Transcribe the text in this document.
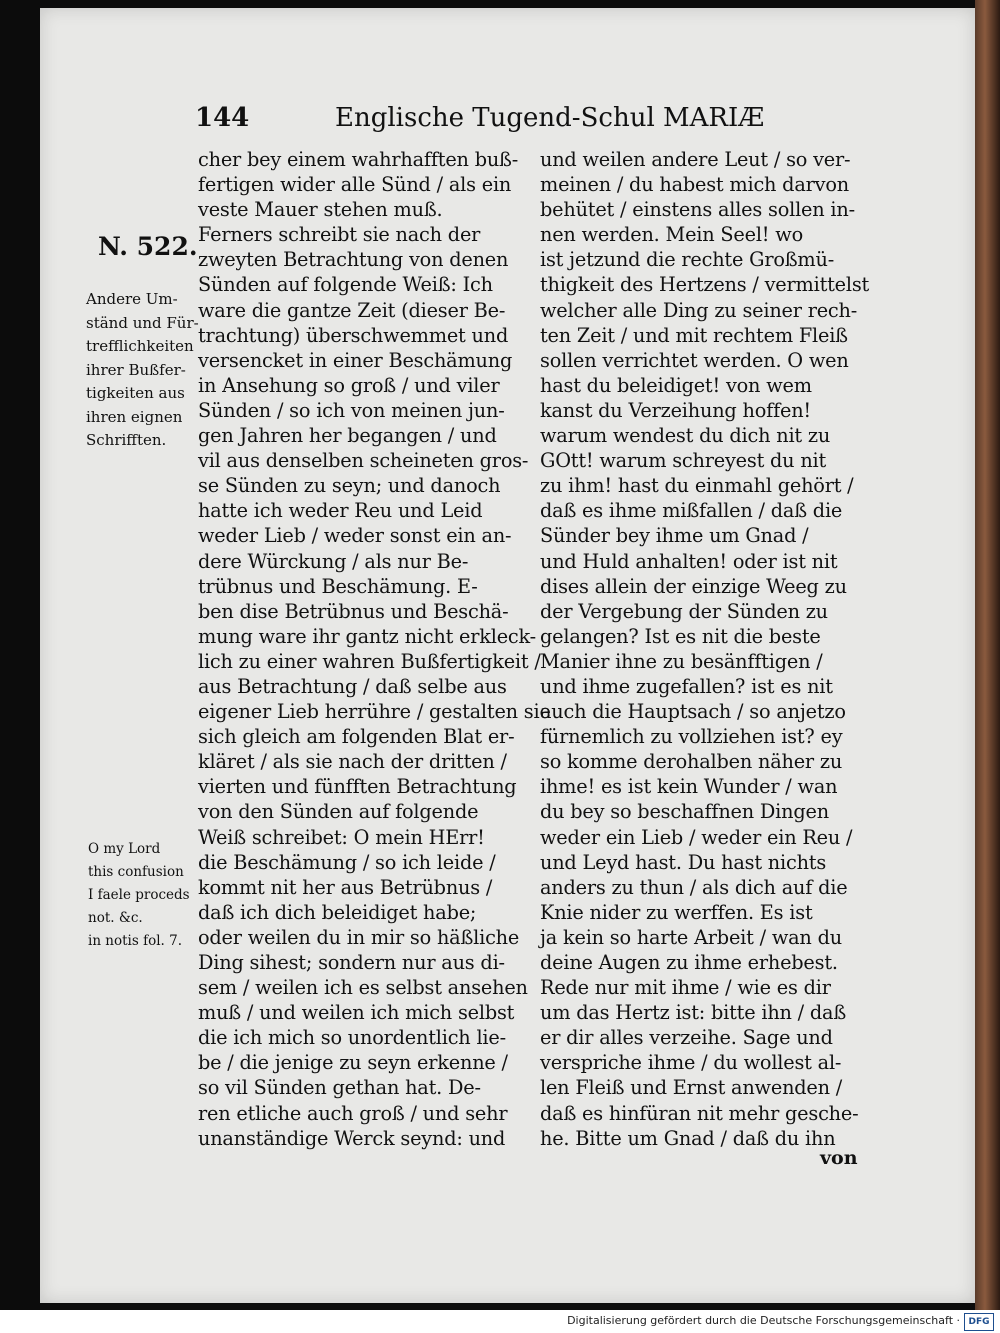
144	Englische Tugend-Schul MARIÆ
N. 522.
Andere Um-
ständ und Für-
trefflichkeiten
ihrer Bußfer-
tigkeiten aus
ihren eignen
Schrifften.
O my Lord
this confusion
I faele proceds
not. &c.
in notis fol. 7.
cher bey einem wahrhafften buß-
fertigen wider alle Sünd / als ein
veste Mauer stehen muß.
Ferners schreibt sie nach der
zweyten Betrachtung von denen
Sünden auf folgende Weiß: Ich
ware die gantze Zeit (dieser Be-
trachtung) überschwemmet und
versencket in einer Beschämung
in Ansehung so groß / und viler
Sünden / so ich von meinen jun-
gen Jahren her begangen / und
vil aus denselben scheineten gros-
se Sünden zu seyn; und danoch
hatte ich weder Reu und Leid
weder Lieb / weder sonst ein an-
dere Würckung / als nur Be-
trübnus und Beschämung. E-
ben dise Betrübnus und Beschä-
mung ware ihr gantz nicht erkleck-
lich zu einer wahren Bußfertigkeit /
aus Betrachtung / daß selbe aus
eigener Lieb herrühre / gestalten sie
sich gleich am folgenden Blat er-
kläret / als sie nach der dritten /
vierten und fünfften Betrachtung
von den Sünden auf folgende
Weiß schreibet: O mein HErr!
die Beschämung / so ich leide /
kommt nit her aus Betrübnus /
daß ich dich beleidiget habe;
oder weilen du in mir so häßliche
Ding sihest; sondern nur aus di-
sem / weilen ich es selbst ansehen
muß / und weilen ich mich selbst
die ich mich so unordentlich lie-
be / die jenige zu seyn erkenne /
so vil Sünden gethan hat. De-
ren etliche auch groß / und sehr
unanständige Werck seynd: und
und weilen andere Leut / so ver-
meinen / du habest mich darvon
behütet / einstens alles sollen in-
nen werden. Mein Seel! wo
ist jetzund die rechte Großmü-
thigkeit des Hertzens / vermittelst
welcher alle Ding zu seiner rech-
ten Zeit / und mit rechtem Fleiß
sollen verrichtet werden. O wen
hast du beleidiget! von wem
kanst du Verzeihung hoffen!
warum wendest du dich nit zu
GOtt! warum schreyest du nit
zu ihm! hast du einmahl gehört /
daß es ihme mißfallen / daß die
Sünder bey ihme um Gnad /
und Huld anhalten! oder ist nit
dises allein der einzige Weeg zu
der Vergebung der Sünden zu
gelangen? Ist es nit die beste
Manier ihne zu besänfftigen /
und ihme zugefallen? ist es nit
auch die Hauptsach / so anjetzo
fürnemlich zu vollziehen ist? ey
so komme derohalben näher zu
ihme! es ist kein Wunder / wan
du bey so beschaffnen Dingen
weder ein Lieb / weder ein Reu /
und Leyd hast. Du hast nichts
anders zu thun / als dich auf die
Knie nider zu werffen. Es ist
ja kein so harte Arbeit / wan du
deine Augen zu ihme erhebest.
Rede nur mit ihme / wie es dir
um das Hertz ist: bitte ihn / daß
er dir alles verzeihe. Sage und
verspriche ihme / du wollest al-
len Fleiß und Ernst anwenden /
daß es hinfüran nit mehr gesche-
he. Bitte um Gnad / daß du ihn
von
Digitalisierung gefördert durch die Deutsche Forschungsgemeinschaft · DFG
